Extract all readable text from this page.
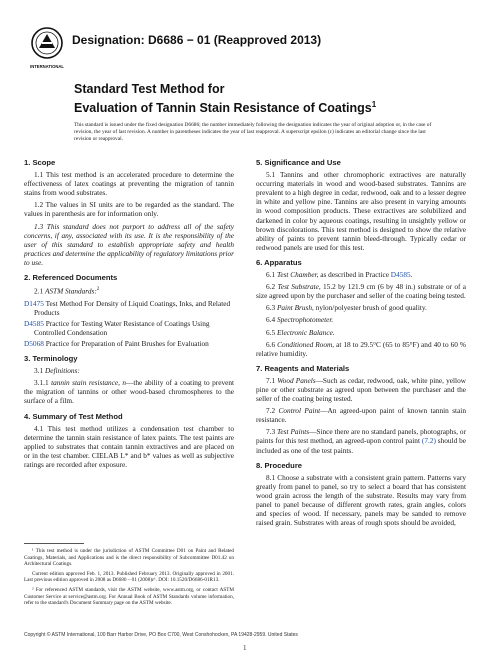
INTERNATIONAL
Designation: D6686 − 01 (Reapproved 2013)
Standard Test Method for
Evaluation of Tannin Stain Resistance of Coatings$^1$
This standard is issued under the fixed designation D6686; the number immediately following the designation indicates the year of original adoption or, in the case of revision, the year of last revision. A number in parentheses indicates the year of last reapproval. A superscript epsilon (ε) indicates an editorial change since the last revision or reapproval.
1. Scope

1.1 This test method is an accelerated procedure to determine the effectiveness of latex coatings at preventing the migration of tannin stains from wood substrates.

1.2 The values in SI units are to be regarded as the standard. The values in parenthesis are for information only.

1.3 This standard does not purport to address all of the safety concerns, if any, associated with its use. It is the responsibility of the user of this standard to establish appropriate safety and health practices and determine the applicability of regulatory limitations prior to use.

2. Referenced Documents

2.1 ASTM Standards:$^2$

D1475 Test Method For Density of Liquid Coatings, Inks, and Related Products

D4585 Practice for Testing Water Resistance of Coatings Using Controlled Condensation

D5068 Practice for Preparation of Paint Brushes for Evaluation

3. Terminology

3.1 Definitions:

3.1.1 tannin stain resistance, n—the ability of a coating to prevent the migration of tannins or other wood-based chromospheres to the surface of a film.

4. Summary of Test Method

4.1 This test method utilizes a condensation test chamber to determine the tannin stain resistance of latex paints. The test paints are applied to substrates that contain tannin extractives and are placed on or in the test chamber. CIELAB L* and b* values as well as subjective ratings are recorded after exposure.

¹ This test method is under the jurisdiction of ASTM Committee D01 on Paint and Related Coatings, Materials, and Applications and is the direct responsibility of Subcommittee D01.42 on Architectural Coatings.

Current edition approved Feb. 1, 2013. Published February 2013. Originally approved in 2001. Last previous edition approved in 2008 as D6686 – 01 (2008)ε¹. DOI: 10.1520/D6686-01R13.

² For referenced ASTM standards, visit the ASTM website, www.astm.org, or contact ASTM Customer Service at service@astm.org. For Annual Book of ASTM Standards volume information, refer to the standard's Document Summary page on the ASTM website.

5. Significance and Use

5.1 Tannins and other chromophoric extractives are naturally occurring materials in wood and wood-based substrates. Tannins are prevalent to a high degree in cedar, redwood, oak and to a lesser degree in white and yellow pine. Tannins are also present in varying amounts in wood composition products. These extractives are solubilized and darkened in color by aqueous coatings, resulting in unsightly yellow or brown discolorations. This test method is designed to show the relative ability of paints to prevent tannin bleed-through. Typically cedar or redwood panels are used for this test.

6. Apparatus

6.1 Test Chamber, as described in Practice D4585.

6.2 Test Substrate, 15.2 by 121.9 cm (6 by 48 in.) substrate or of a size agreed upon by the purchaser and seller of the coating being tested.

6.3 Paint Brush, nylon/polyester brush of good quality.

6.4 Spectrophotometer.

6.5 Electronic Balance.

6.6 Conditioned Room, at 18 to 29.5°C (65 to 85°F) and 40 to 60 % relative humidity.

7. Reagents and Materials

7.1 Wood Panels—Such as cedar, redwood, oak, white pine, yellow pine or other substrate as agreed upon between the purchaser and the seller of the coating being tested.

7.2 Control Paint—An agreed-upon paint of known tannin stain resistance.

7.3 Test Paints—Since there are no standard panels, photographs, or paints for this test method, an agreed-upon control paint (7.2) should be included as one of the test paints.

8. Procedure

8.1 Choose a substrate with a consistent grain pattern. Patterns vary greatly from panel to panel, so try to select a board that has consistent wood grain across the length of the substrate. Results may vary from panel to panel because of different growth rates, grain angles, colors and species of wood. If necessary, panels may be sanded to remove raised grain. Substrates with areas of rough spots should be avoided,

Copyright © ASTM International, 100 Barr Harbor Drive, PO Box C700, West Conshohocken, PA 19428-2959. United States
1
